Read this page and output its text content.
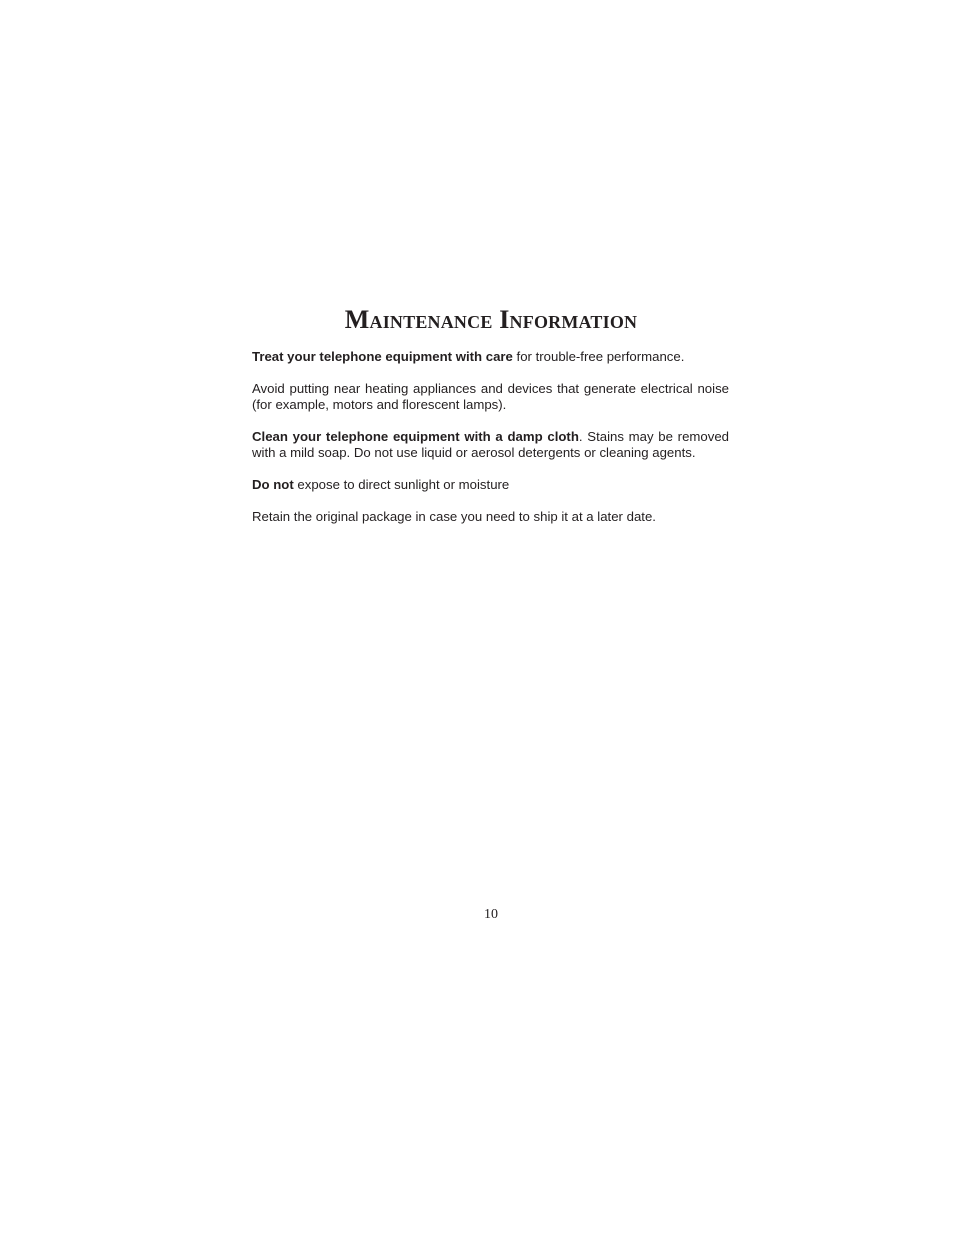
Maintenance Information

Treat your telephone equipment with care for trouble-free performance.

Avoid putting near heating appliances and devices that generate electrical noise (for example, motors and florescent lamps).

Clean your telephone equipment with a damp cloth. Stains may be removed with a mild soap. Do not use liquid or aerosol detergents or cleaning agents.

Do not expose to direct sunlight or moisture

Retain the original package in case you need to ship it at a later date.

10
